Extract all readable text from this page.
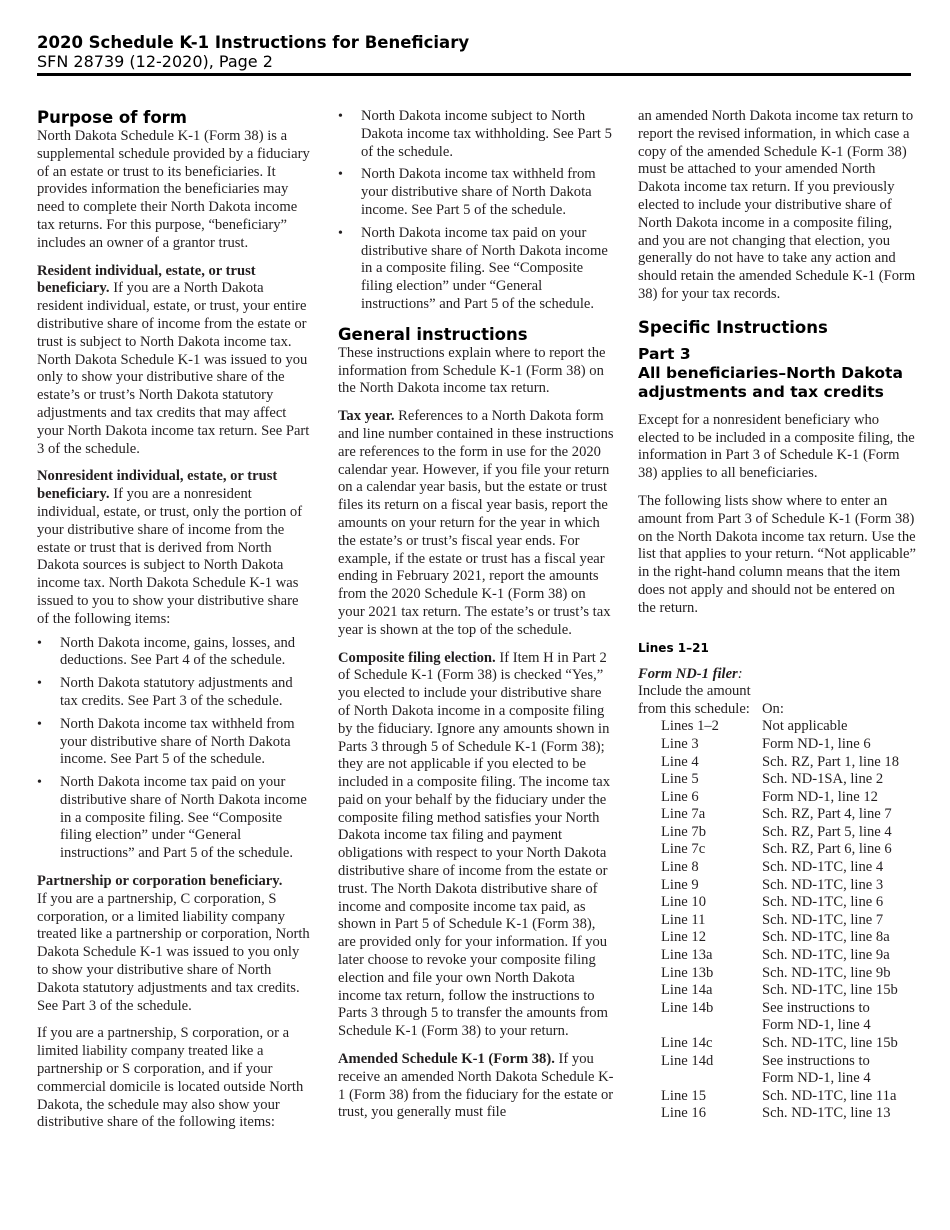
2020 Schedule K-1 Instructions for Beneficiary
SFN 28739 (12-2020), Page 2
Purpose of form

North Dakota Schedule K-1 (Form 38) is a supplemental schedule provided by a fiduciary of an estate or trust to its beneficiaries. It provides information the beneficiaries may need to complete their North Dakota income tax returns. For this purpose, “beneficiary” includes an owner of a grantor trust.

Resident individual, estate, or trust beneficiary. If you are a North Dakota resident individual, estate, or trust, your entire distributive share of income from the estate or trust is subject to North Dakota income tax. North Dakota Schedule K-1 was issued to you only to show your distributive share of the estate’s or trust’s North Dakota statutory adjustments and tax credits that may affect your North Dakota income tax return. See Part 3 of the schedule.

Nonresident individual, estate, or trust beneficiary. If you are a nonresident individual, estate, or trust, only the portion of your distributive share of income from the estate or trust that is derived from North Dakota sources is subject to North Dakota income tax. North Dakota Schedule K-1 was issued to you to show your distributive share of the following items:

• North Dakota income, gains, losses, and deductions. See Part 4 of the schedule.
• North Dakota statutory adjustments and tax credits. See Part 3 of the schedule.
• North Dakota income tax withheld from your distributive share of North Dakota income. See Part 5 of the schedule.
• North Dakota income tax paid on your distributive share of North Dakota income in a composite filing. See “Composite filing election” under “General instructions” and Part 5 of the schedule.

Partnership or corporation beneficiary.
If you are a partnership, C corporation, S corporation, or a limited liability company treated like a partnership or corporation, North Dakota Schedule K-1 was issued to you only to show your distributive share of North Dakota statutory adjustments and tax credits. See Part 3 of the schedule.

If you are a partnership, S corporation, or a limited liability company treated like a partnership or S corporation, and if your commercial domicile is located outside North Dakota, the schedule may also show your distributive share of the following items:

• North Dakota income subject to North Dakota income tax withholding. See Part 5 of the schedule.
• North Dakota income tax withheld from your distributive share of North Dakota income. See Part 5 of the schedule.
• North Dakota income tax paid on your distributive share of North Dakota income in a composite filing. See “Composite filing election” under “General instructions” and Part 5 of the schedule.
General instructions

These instructions explain where to report the information from Schedule K-1 (Form 38) on the North Dakota income tax return.

Tax year. References to a North Dakota form and line number contained in these instructions are references to the form in use for the 2020 calendar year. However, if you file your return on a calendar year basis, but the estate or trust files its return on a fiscal year basis, report the amounts on your return for the year in which the estate’s or trust’s fiscal year ends. For example, if the estate or trust has a fiscal year ending in February 2021, report the amounts from the 2020 Schedule K-1 (Form 38) on your 2021 tax return. The estate’s or trust’s tax year is shown at the top of the schedule.

Composite filing election. If Item H in Part 2 of Schedule K-1 (Form 38) is checked “Yes,” you elected to include your distributive share of North Dakota income in a composite filing by the fiduciary. Ignore any amounts shown in Parts 3 through 5 of Schedule K-1 (Form 38); they are not applicable if you elected to be included in a composite filing. The income tax paid on your behalf by the fiduciary under the composite filing method satisfies your North Dakota income tax filing and payment obligations with respect to your North Dakota distributive share of income from the estate or trust. The North Dakota distributive share of income and composite income tax paid, as shown in Part 5 of Schedule K-1 (Form 38), are provided only for your information. If you later choose to revoke your composite filing election and file your own North Dakota income tax return, follow the instructions to Parts 3 through 5 to transfer the amounts from Schedule K-1 (Form 38) to your return.

Amended Schedule K-1 (Form 38). If you receive an amended North Dakota Schedule K-1 (Form 38) from the fiduciary for the estate or trust, you generally must file

an amended North Dakota income tax return to report the revised information, in which case a copy of the amended Schedule K-1 (Form 38) must be attached to your amended North Dakota income tax return. If you previously elected to include your distributive share of North Dakota income in a composite filing, and you are not changing that election, you generally do not have to take any action and should retain the amended Schedule K-1 (Form 38) for your tax records.

Specific Instructions
Part 3
All beneficiaries–North Dakota adjustments and tax credits

Except for a nonresident beneficiary who elected to be included in a composite filing, the information in Part 3 of Schedule K-1 (Form 38) applies to all beneficiaries.

The following lists show where to enter an amount from Part 3 of Schedule K-1 (Form 38) on the North Dakota income tax return. Use the list that applies to your return. “Not applicable” in the right-hand column means that the item does not apply and should not be entered on the return.

Lines 1–21
Form ND-1 filer:
Include the amount
from this schedule: On:
Lines 1–2	Not applicable
Line 3	Form ND-1, line 6
Line 4	Sch. RZ, Part 1, line 18
Line 5	Sch. ND-1SA, line 2
Line 6	Form ND-1, line 12
Line 7a	Sch. RZ, Part 4, line 7
Line 7b	Sch. RZ, Part 5, line 4
Line 7c	Sch. RZ, Part 6, line 6
Line 8	Sch. ND-1TC, line 4
Line 9	Sch. ND-1TC, line 3
Line 10	Sch. ND-1TC, line 6
Line 11	Sch. ND-1TC, line 7
Line 12	Sch. ND-1TC, line 8a
Line 13a	Sch. ND-1TC, line 9a
Line 13b	Sch. ND-1TC, line 9b
Line 14a	Sch. ND-1TC, line 15b
Line 14b	See instructions to
Form ND-1, line 4
Line 14c	Sch. ND-1TC, line 15b
Line 14d	See instructions to
Form ND-1, line 4
Line 15	Sch. ND-1TC, line 11a
Line 16	Sch. ND-1TC, line 13
